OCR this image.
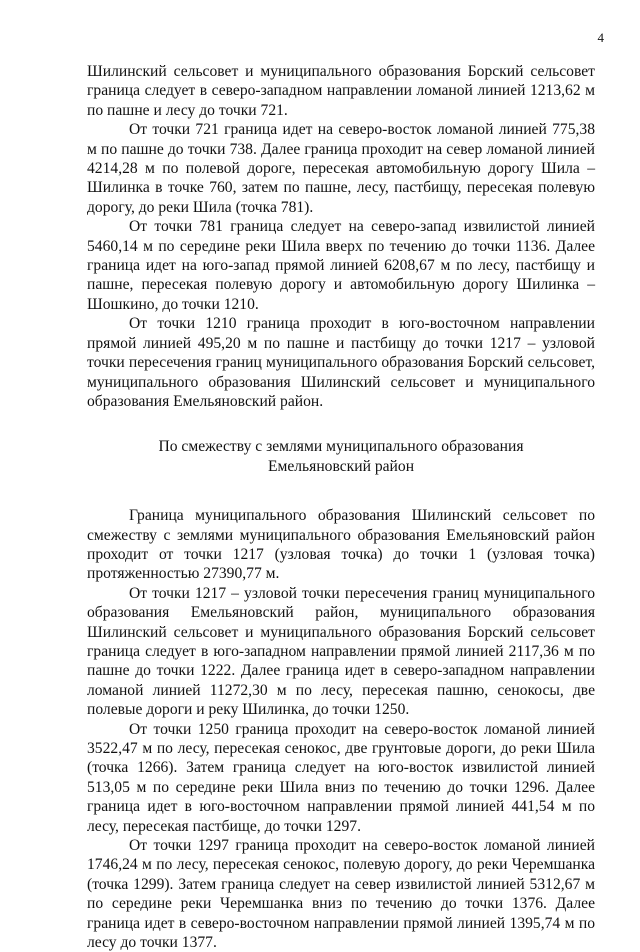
4

Шилинский сельсовет и муниципального образования Борский сельсовет граница следует в северо-западном направлении ломаной линией 1213,62 м по пашне и лесу до точки 721.

От точки 721 граница идет на северо-восток ломаной линией 775,38 м по пашне до точки 738. Далее граница проходит на север ломаной линией 4214,28 м по полевой дороге, пересекая автомобильную дорогу Шила – Шилинка в точке 760, затем по пашне, лесу, пастбищу, пересекая полевую дорогу, до реки Шила (точка 781).

От точки 781 граница следует на северо-запад извилистой линией 5460,14 м по середине реки Шила вверх по течению до точки 1136. Далее граница идет на юго-запад прямой линией 6208,67 м по лесу, пастбищу и пашне, пересекая полевую дорогу и автомобильную дорогу Шилинка – Шошкино, до точки 1210.

От точки 1210 граница проходит в юго-восточном направлении прямой линией 495,20 м по пашне и пастбищу до точки 1217 – узловой точки пересечения границ муниципального образования Борский сельсовет, муниципального образования Шилинский сельсовет и муниципального образования Емельяновский район.

По смежеству с землями муниципального образования
Емельяновский район

Граница муниципального образования Шилинский сельсовет по смежеству с землями муниципального образования Емельяновский район проходит от точки 1217 (узловая точка) до точки 1 (узловая точка) протяженностью 27390,77 м.

От точки 1217 – узловой точки пересечения границ муниципального образования Емельяновский район, муниципального образования Шилинский сельсовет и муниципального образования Борский сельсовет граница следует в юго-западном направлении прямой линией 2117,36 м по пашне до точки 1222. Далее граница идет в северо-западном направлении ломаной линией 11272,30 м по лесу, пересекая пашню, сенокосы, две полевые дороги и реку Шилинка, до точки 1250.

От точки 1250 граница проходит на северо-восток ломаной линией 3522,47 м по лесу, пересекая сенокос, две грунтовые дороги, до реки Шила (точка 1266). Затем граница следует на юго-восток извилистой линией 513,05 м по середине реки Шила вниз по течению до точки 1296. Далее граница идет в юго-восточном направлении прямой линией 441,54 м по лесу, пересекая пастбище, до точки 1297.

От точки 1297 граница проходит на северо-восток ломаной линией 1746,24 м по лесу, пересекая сенокос, полевую дорогу, до реки Черемшанка (точка 1299). Затем граница следует на север извилистой линией 5312,67 м по середине реки Черемшанка вниз по течению до точки 1376. Далее граница идет в северо-восточном направлении прямой линией 1395,74 м по лесу до точки 1377.
